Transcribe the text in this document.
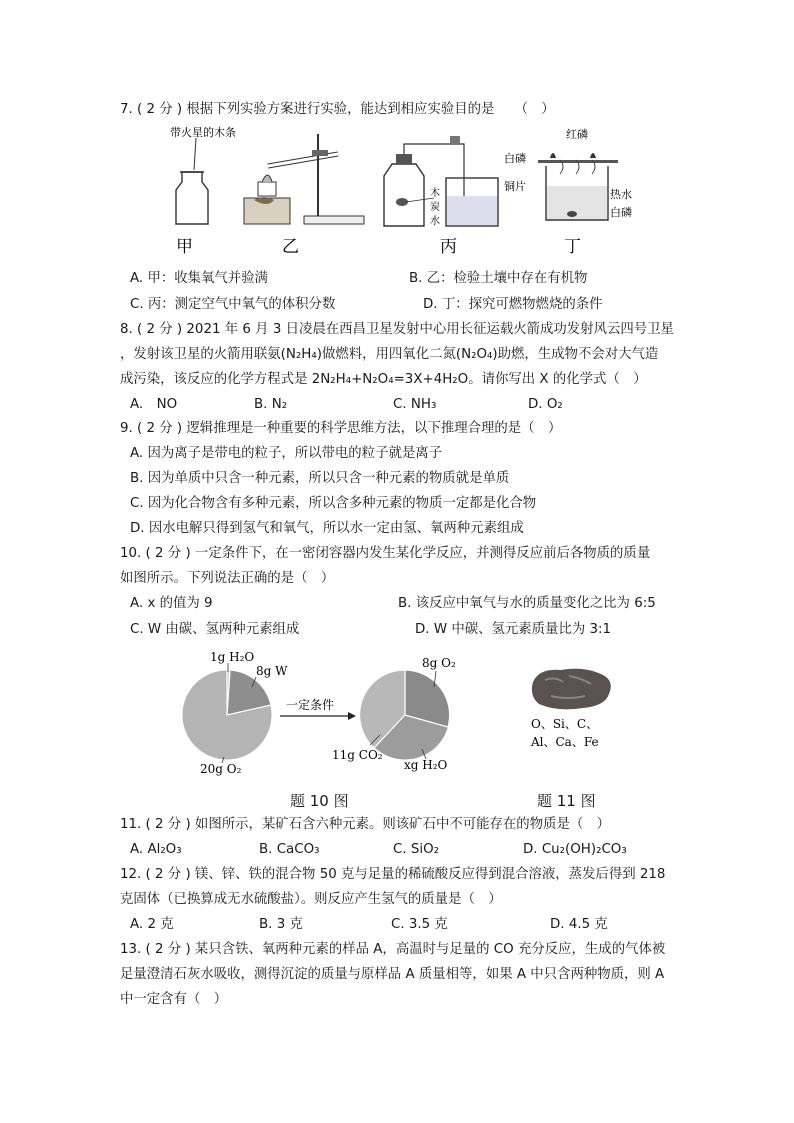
7. ( 2 分 ) 根据下列实验方案进行实验，能达到相应实验目的是　　（　）
带火星的木条
甲	乙
木
炭
水
丙
红磷
白磷
铜片
热水
白磷
丁
A. 甲：收集氧气并验满	B. 乙：检验土壤中存在有机物
C. 丙：测定空气中氧气的体积分数	D. 丁：探究可燃物燃烧的条件
8. ( 2 分 ) 2021 年 6 月 3 日凌晨在西昌卫星发射中心用长征运载火箭成功发射风云四号卫星
，发射该卫星的火箭用联氨(N₂H₄)做燃料，用四氧化二氮(N₂O₄)助燃，生成物不会对大气造
成污染，该反应的化学方程式是 2N₂H₄+N₂O₄=3X+4H₂O。请你写出 X 的化学式（　）
A.　NO	B. N₂	C. NH₃	D. O₂
9. ( 2 分 ) 逻辑推理是一种重要的科学思维方法，以下推理合理的是（　）
A. 因为离子是带电的粒子，所以带电的粒子就是离子
B. 因为单质中只含一种元素，所以只含一种元素的物质就是单质
C. 因为化合物含有多种元素，所以含多种元素的物质一定都是化合物
D. 因水电解只得到氢气和氧气，所以水一定由氢、氧两种元素组成
10. ( 2 分 ) 一定条件下，在一密闭容器内发生某化学反应，并测得反应前后各物质的质量
如图所示。下列说法正确的是（　）
A. x 的值为 9	B. 该反应中氧气与水的质量变化之比为 6:5
C. W 由碳、氢两种元素组成	D. W 中碳、氢元素质量比为 3:1
1g H₂O
8g W
20g O₂
一定条件
8g O₂
11g CO₂
xg H₂O
O、Si、C、
Al、Ca、Fe
题 10 图	题 11 图
11. ( 2 分 ) 如图所示，某矿石含六种元素。则该矿石中不可能存在的物质是（　）
A. Al₂O₃	B. CaCO₃	C. SiO₂	D. Cu₂(OH)₂CO₃
12. ( 2 分 ) 镁、锌、铁的混合物 50 克与足量的稀硫酸反应得到混合溶液，蒸发后得到 218
克固体（已换算成无水硫酸盐）。则反应产生氢气的质量是（　）
A. 2 克	B. 3 克	C. 3.5 克	D. 4.5 克
13. ( 2 分 ) 某只含铁、氧两种元素的样品 A，高温时与足量的 CO 充分反应，生成的气体被
足量澄清石灰水吸收，测得沉淀的质量与原样品 A 质量相等，如果 A 中只含两种物质，则 A
中一定含有（　）
